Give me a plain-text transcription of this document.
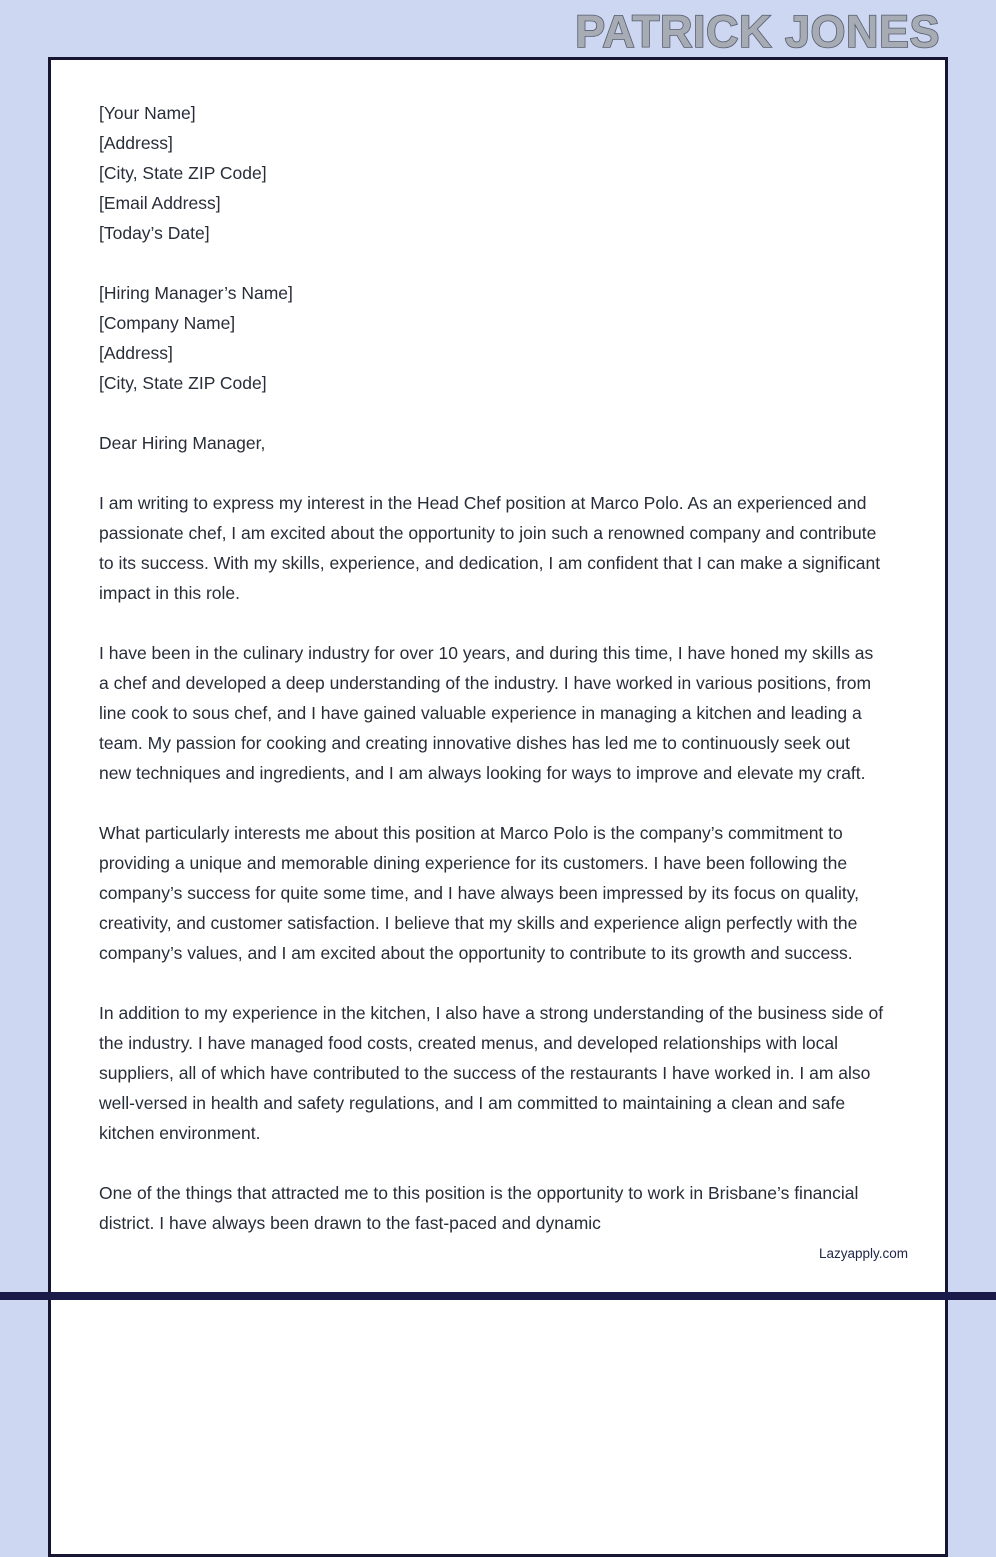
PATRICK JONES
[Your Name]
[Address]
[City, State ZIP Code]
[Email Address]
[Today’s Date]
[Hiring Manager’s Name]
[Company Name]
[Address]
[City, State ZIP Code]
Dear Hiring Manager,

I am writing to express my interest in the Head Chef position at Marco Polo. As an experienced and passionate chef, I am excited about the opportunity to join such a renowned company and contribute to its success. With my skills, experience, and dedication, I am confident that I can make a significant impact in this role.

I have been in the culinary industry for over 10 years, and during this time, I have honed my skills as a chef and developed a deep understanding of the industry. I have worked in various positions, from line cook to sous chef, and I have gained valuable experience in managing a kitchen and leading a team. My passion for cooking and creating innovative dishes has led me to continuously seek out new techniques and ingredients, and I am always looking for ways to improve and elevate my craft.

What particularly interests me about this position at Marco Polo is the company’s commitment to providing a unique and memorable dining experience for its customers. I have been following the company’s success for quite some time, and I have always been impressed by its focus on quality, creativity, and customer satisfaction. I believe that my skills and experience align perfectly with the company’s values, and I am excited about the opportunity to contribute to its growth and success.

In addition to my experience in the kitchen, I also have a strong understanding of the business side of the industry. I have managed food costs, created menus, and developed relationships with local suppliers, all of which have contributed to the success of the restaurants I have worked in. I am also well-versed in health and safety regulations, and I am committed to maintaining a clean and safe kitchen environment.

One of the things that attracted me to this position is the opportunity to work in Brisbane’s financial district. I have always been drawn to the fast-paced and dynamic

Lazyapply.com
